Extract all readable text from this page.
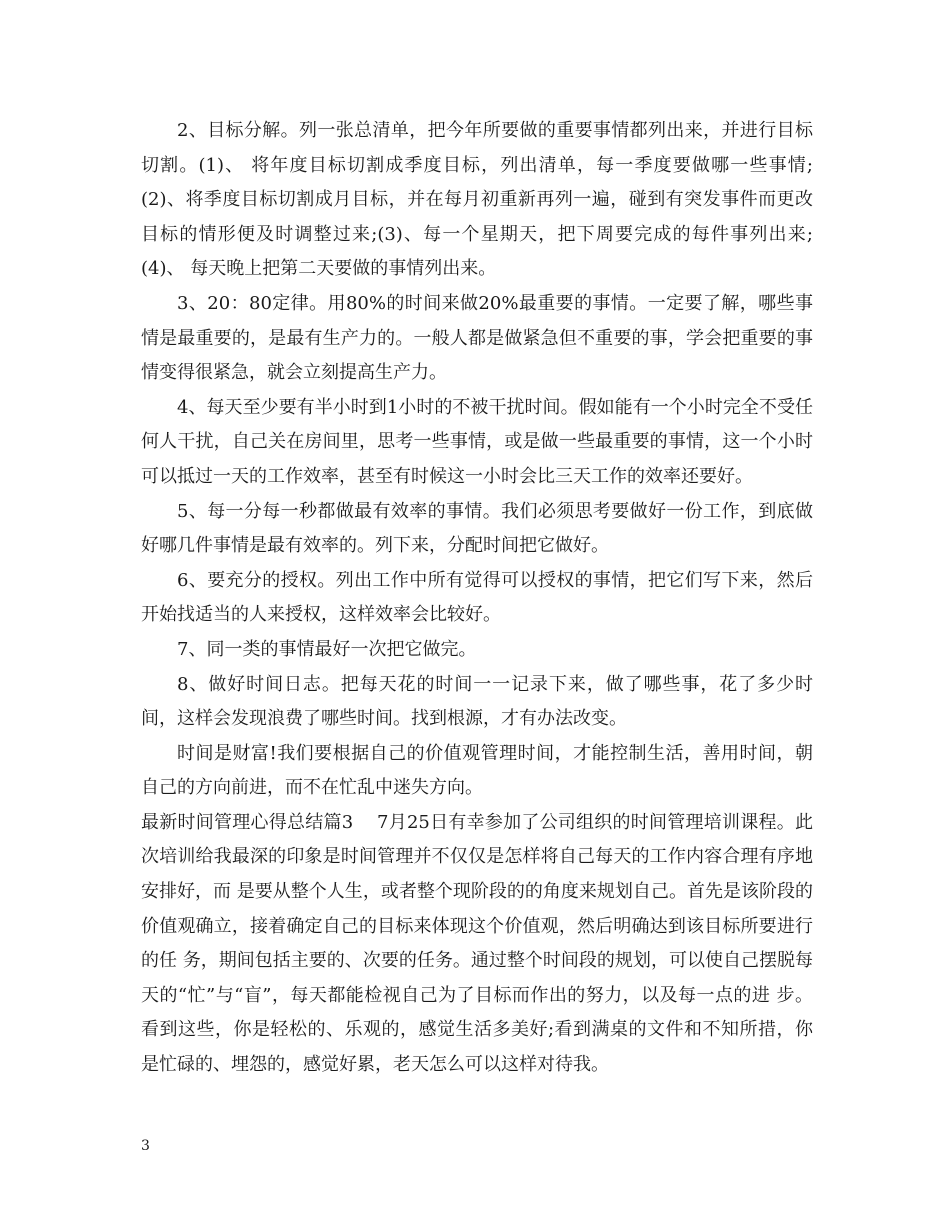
2、目标分解。列一张总清单，把今年所要做的重要事情都列出来，并进行目标切割。(1)、 将年度目标切割成季度目标，列出清单，每一季度要做哪一些事情;(2)、将季度目标切割成月目标，并在每月初重新再列一遍，碰到有突发事件而更改目标的情形便及时调整过来;(3)、每一个星期天，把下周要完成的每件事列出来;(4)、 每天晚上把第二天要做的事情列出来。

3、20：80定律。用80%的时间来做20%最重要的事情。一定要了解，哪些事情是最重要的，是最有生产力的。一般人都是做紧急但不重要的事，学会把重要的事情变得很紧急，就会立刻提高生产力。

4、每天至少要有半小时到1小时的不被干扰时间。假如能有一个小时完全不受任何人干扰，自己关在房间里，思考一些事情，或是做一些最重要的事情，这一个小时可以抵过一天的工作效率，甚至有时候这一小时会比三天工作的效率还要好。

5、每一分每一秒都做最有效率的事情。我们必须思考要做好一份工作，到底做好哪几件事情是最有效率的。列下来，分配时间把它做好。

6、要充分的授权。列出工作中所有觉得可以授权的事情，把它们写下来，然后开始找适当的人来授权，这样效率会比较好。

7、同一类的事情最好一次把它做完。

8、做好时间日志。把每天花的时间一一记录下来，做了哪些事，花了多少时间，这样会发现浪费了哪些时间。找到根源，才有办法改变。

时间是财富!我们要根据自己的价值观管理时间，才能控制生活，善用时间，朝自己的方向前进，而不在忙乱中迷失方向。

最新时间管理心得总结篇3    7月25日有幸参加了公司组织的时间管理培训课程。此次培训给我最深的印象是时间管理并不仅仅是怎样将自己每天的工作内容合理有序地安排好，而 是要从整个人生，或者整个现阶段的的角度来规划自己。首先是该阶段的价值观确立，接着确定自己的目标来体现这个价值观，然后明确达到该目标所要进行的任 务，期间包括主要的、次要的任务。通过整个时间段的规划，可以使自己摆脱每天的“忙”与“盲”，每天都能检视自己为了目标而作出的努力，以及每一点的进 步。看到这些，你是轻松的、乐观的，感觉生活多美好;看到满桌的文件和不知所措，你是忙碌的、埋怨的，感觉好累，老天怎么可以这样对待我。

3
